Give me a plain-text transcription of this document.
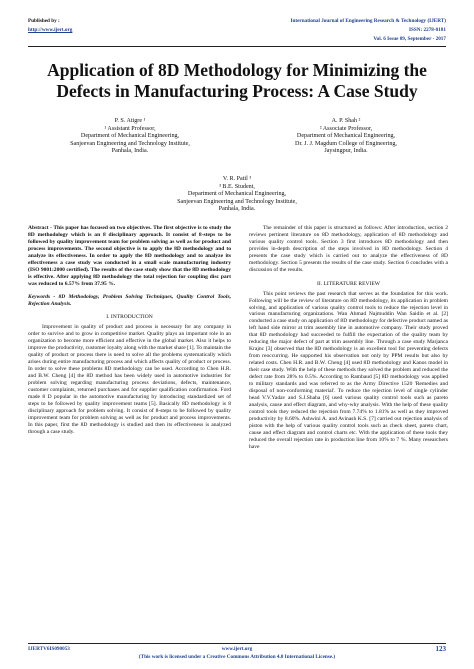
Published by :
http://www.ijert.org
International Journal of Engineering Research & Technology (IJERT)
ISSN: 2278-0181
Vol. 6 Issue 09, September - 2017
Application of 8D Methodology for Minimizing the Defects in Manufacturing Process: A Case Study
P. S. Atigre ¹
¹ Assistant Professor,
Department of Mechanical Engineering,
Sanjeevan Engineering and Technology Institute,
Panhala, India.
A. P. Shah ²
² Associate Professor,
Department of Mechanical Engineering,
Dr. J. J. Magdum College of Engineering,
Jaysingpur, India.
V. R. Patil ³
³ B.E. Student,
Department of Mechanical Engineering,
Sanjeevan Engineering and Technology Institute,
Panhala, India.

Abstract - This paper has focused on two objectives. The first objective is to study the 8D methodology which is an 8 disciplinary approach. It consist of 8-steps to be followed by quality improvement team for problem solving as well as for product and process improvements. The second objective is to apply the 8D methodology and to analyze its effectiveness. In order to apply the 8D methodology and to analyze its effectiveness a case study was conducted in a small scale manufacturing industry (ISO 9001:2000 certified). The results of the case study show that the 8D methodology is effective. After applying 8D methodology the total rejection for coupling disc part was reduced to 6.57% from 37.95 %.

Keywords - 8D Methodology, Problem Solving Techniques, Quality Control Tools, Rejection Analysis.

I. INTRODUCTION

Improvement in quality of product and process is necessary for any company in order to survive and to grow in competitive market. Quality plays an important role in an organization to become more efficient and effective in the global market. Also it helps to improve the productivity, customer loyalty along with the market share [1]. To maintain the quality of product or process there is need to solve all the problems systematically which arises during entire manufacturing process and which affects quality of product or process. In order to solve these problems 8D methodology can be used. According to Chen H.R. and B.W. Cheng [4] the 8D method has been widely used in automotive industries for problem solving regarding manufacturing process deviations, defects, maintenance, customer complaints, returned purchases and for supplier qualification confirmation. Ford made 8 D popular in the automotive manufacturing by introducing standardized set of steps to be followed by quality improvement teams [5]. Basically 8D methodology is 8 disciplinary approach for problem solving. It consist of 8-steps to be followed by quality improvement team for problem solving as well as for product and process improvements. In this paper, first the 8D methodology is studied and then its effectiveness is analyzed through a case study.

The remainder of this paper is structured as follows: After introduction, section 2 reviews pertinent literature on 8D methodology, application of 8D methodology and various quality control tools. Section 3 first introduces 8D methodology and then provides in-depth description of the steps involved in 8D methodology. Section 4 presents the case study which is carried out to analyze the effectiveness of 8D methodology. Section 5 presents the results of the case study. Section 6 concludes with a discussion of the results.

II. LITERATURE REVIEW

This point reviews the past research that serves as the foundation for this work. Following will be the review of literature on 8D methodology, its application in problem solving, and application of various quality control tools to reduce the rejection level in various manufacturing organizations. Wan Ahmad Najmuddin Wan Saidin et al. [2] conducted a case study on application of 8D methodology for defective product named as left hand side mirror at trim assembly line in automotive company. Their study proved that 8D methodology had succeeded to fulfill the expectation of the quality team by reducing the major defect of part at trim assembly line. Through a case study Marjanca Krajnc [3] observed that the 8D methodology is an excellent tool for preventing defects from reoccurring. He supported his observation not only by PPM results but also by related costs. Chen H.R. and B.W. Cheng [4] used 8D methodology and Kanos model in their case study. With the help of these methods they solved the problem and reduced the defect rate from 28% to 0.5%. According to Rambaud [5] 8D methodology was applied to military standards and was referred to as the Army Directive 1520 'Remedies and disposal of non-conforming material'. To reduce the rejection level of single cylinder head V.V.Yadav and S.J.Shaha [6] used various quality control tools such as pareto analysis, cause and effect diagram, and why-why analysis. With the help of these quality control tools they reduced the rejection from 7.74% to 1.81% as well as they improved productivity by 8.60%. Ashwini A. and Avinash K.S. [7] carried out rejection analysis of piston with the help of various quality control tools such as check sheet, pareto chart, cause and effect diagram and control charts etc. With the application of these tools they reduced the overall rejection rate in production line from 10% to 7 %. Many researchers have

IJERTV6IS090053	www.ijert.org	123
(This work is licensed under a Creative Commons Attribution 4.0 International License.)
